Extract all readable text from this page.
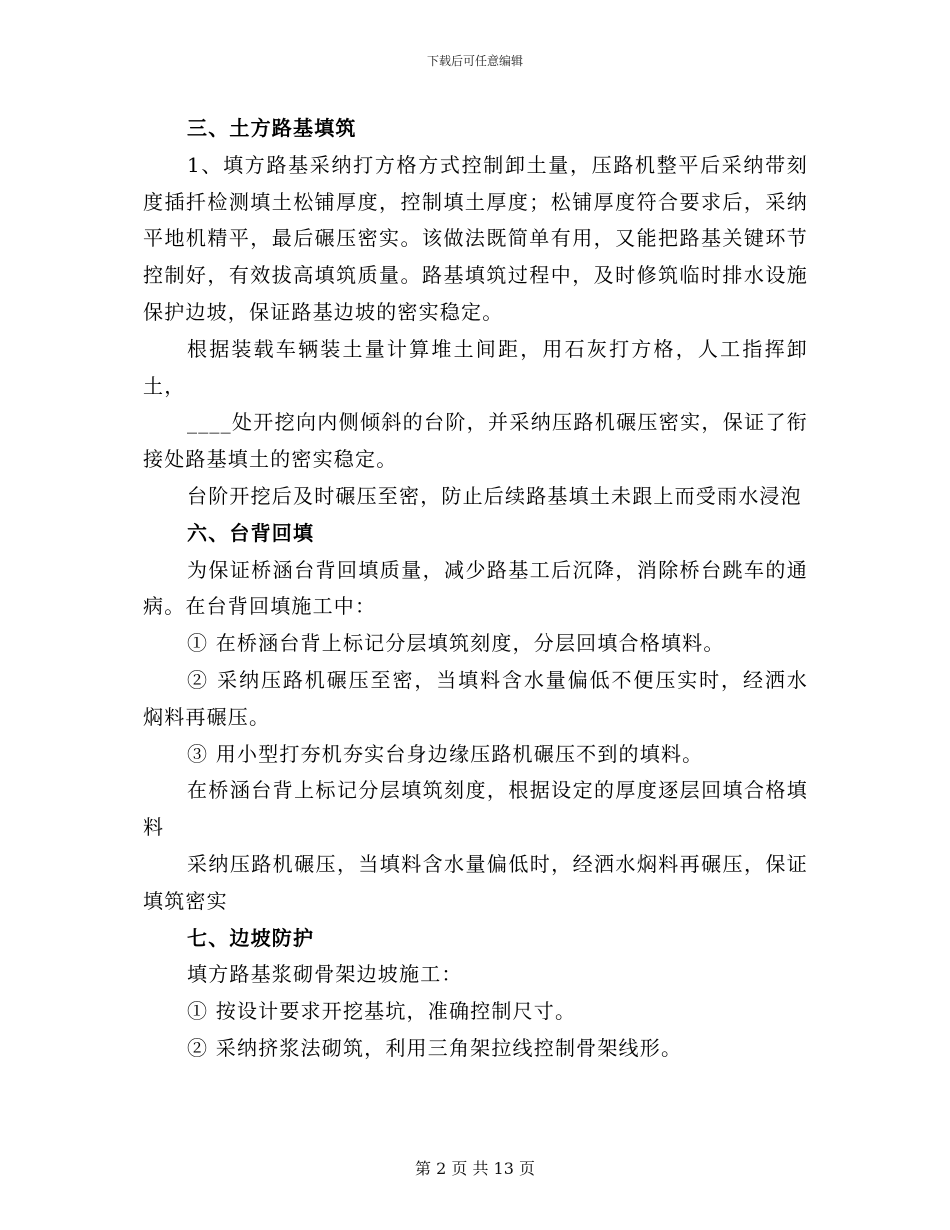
下载后可任意编辑

三、土方路基填筑

1、填方路基采纳打方格方式控制卸土量，压路机整平后采纳带刻度插扦检测填土松铺厚度，控制填土厚度；松铺厚度符合要求后，采纳平地机精平，最后碾压密实。该做法既简单有用，又能把路基关键环节控制好，有效拔高填筑质量。路基填筑过程中，及时修筑临时排水设施保护边坡，保证路基边坡的密实稳定。

根据装载车辆装土量计算堆土间距，用石灰打方格，人工指挥卸土，

____处开挖向内侧倾斜的台阶，并采纳压路机碾压密实，保证了衔接处路基填土的密实稳定。

台阶开挖后及时碾压至密，防止后续路基填土未跟上而受雨水浸泡

六、台背回填

为保证桥涵台背回填质量，减少路基工后沉降，消除桥台跳车的通病。在台背回填施工中：

① 在桥涵台背上标记分层填筑刻度，分层回填合格填料。

② 采纳压路机碾压至密，当填料含水量偏低不便压实时，经洒水焖料再碾压。

③ 用小型打夯机夯实台身边缘压路机碾压不到的填料。

在桥涵台背上标记分层填筑刻度，根据设定的厚度逐层回填合格填料

采纳压路机碾压，当填料含水量偏低时，经洒水焖料再碾压，保证填筑密实

七、边坡防护

填方路基浆砌骨架边坡施工：

① 按设计要求开挖基坑，准确控制尺寸。

② 采纳挤浆法砌筑，利用三角架拉线控制骨架线形。

第 2 页 共 13 页
